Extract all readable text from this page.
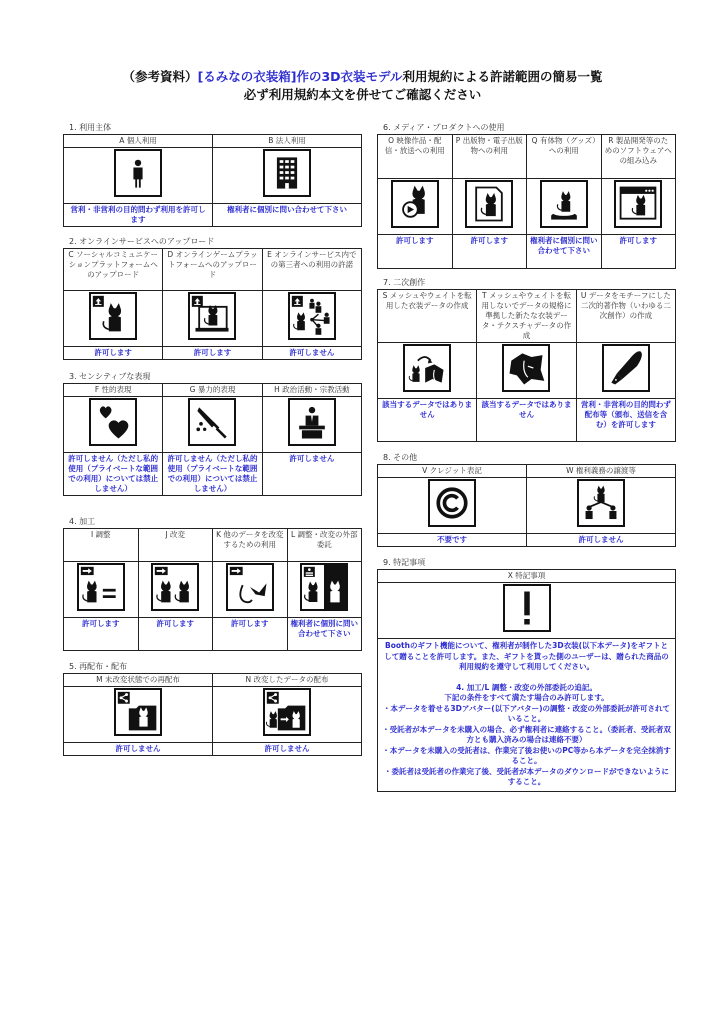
（参考資料）[るみなの衣装箱]作の3D衣装モデル利用規約による許諾範囲の簡易一覧
必ず利用規約本文を併せてご確認ください
1. 利用主体
A 個人利用	B 法人利用

営利・非営利の目的問わず利用を許可します	権利者に個別に問い合わせて下さい
2. オンラインサービスへのアップロード
C ソーシャルコミュニケーションプラットフォームへのアップロード	D オンラインゲームプラットフォームへのアップロード	E オンラインサービス内での第三者への利用の許諾

許可します	許可します	許可しません
3. センシティブな表現
F 性的表現	G 暴力的表現	H 政治活動・宗教活動

許可しません（ただし私的使用（プライベートな範囲での利用）については禁止しません）	許可しません（ただし私的使用（プライベートな範囲での利用）については禁止しません）	許可しません
4. 加工
I 調整	J 改変	K 他のデータを改変するための利用	L 調整・改変の外部委託

許可します	許可します	許可します	権利者に個別に問い合わせて下さい
5. 再配布・配布
M 未改変状態での再配布	N 改変したデータの配布

許可しません	許可しません
6. メディア・プロダクトへの使用
O 映像作品・配信・放送への利用	P 出版物・電子出版物への利用	Q 有体物（グッズ）への利用	R 製品開発等のためのソフトウェアへの組み込み

許可します	許可します	権利者に個別に問い合わせて下さい	許可します
7. 二次創作
S メッシュやウェイトを転用した衣装データの作成	T メッシュやウェイトを転用しないでデータの規格に準拠した新たな衣装データ・テクスチャデータの作成	U データをモチーフにした二次的著作物（いわゆる二次創作）の作成

該当するデータではありません	該当するデータではありません	営利・非営利の目的問わず配布等（頒布、送信を含む）を許可します
8. その他
V クレジット表記	W 権利義務の譲渡等

不要です	許可しません
9. 特記事項
X 特記事項

Boothのギフト機能について、権利者が制作した3D衣装(以下本データ)をギフトとして贈ることを許可します。また、ギフトを貰った側のユーザーは、贈られた商品の利用規約を遵守して利用してください。
4. 加工/L 調整・改変の外部委託の追記。
下記の条件をすべて満たす場合のみ許可します。
・本データを着せる3Dアバター(以下アバター)の調整・改変の外部委託が許可されていること。
・受託者が本データを未購入の場合、必ず権利者に連絡すること。（委託者、受託者双方とも購入済みの場合は連絡不要）
・本データを未購入の受託者は、作業完了後お使いのPC等から本データを完全抹消すること。
・委託者は受託者の作業完了後、受託者が本データのダウンロードができないようにすること。
